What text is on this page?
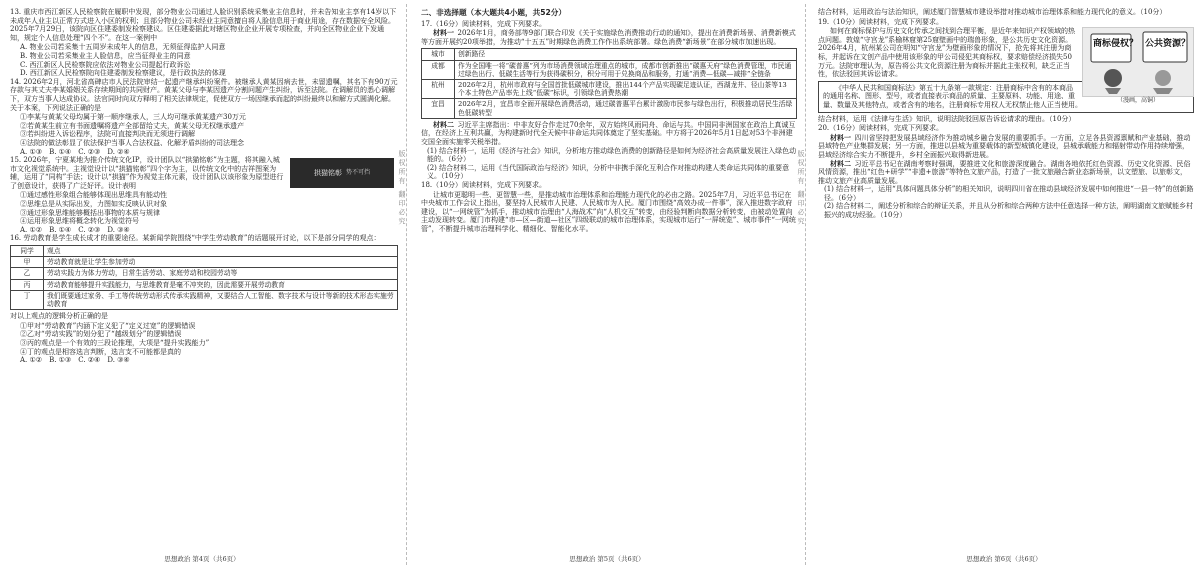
13. 重庆市西江新区人民检察院在履职中发现，部分物业公司通过人脸识别系统采集业主信息时，并未告知业主享有14岁以下未成年人业主以正常方式进入小区的权利；且部分物业公司未经业主同意擅自将人脸信息用于商业用途，存在数据安全风险。2025年7月29日，该院向区住建委制发检察建议。区住建委据此对辖区物业企业开展专项检查，并向全区物业企业下发通知，规定个人信息处理“四个不”。在这一案例中

A. 物业公司若采集十五周岁未成年人的信息，无须征得监护人同意

B. 物业公司若采集业主人脸信息，应当征得业主的同意

C. 西江新区人民检察院应依法对物业公司提起行政诉讼

D. 西江新区人民检察院向住建委制发检察建议，是行政执法的体现

14. 2026年2月，河北省高碑店市人民法院审结一起遗产继承纠纷案件。被继承人黄某因病去世，未留遗嘱，其名下有90万元存款与其丈夫李某婚姻关系存续期间的共同财产。黄某父母与李某因遗产分割问题产生纠纷，诉至法院。在调解员的悉心调解下，双方当事人达成协议。法官同时向双方释明了相关法律规定，促使双方一场因继承而起的纠纷最终以和解方式圆满化解。关于本案，下列说法正确的是

①李某与黄某父母均属于第一顺序继承人，三人均可继承黄某遗产30万元

②若黄某生前立有书面遗嘱将遗产全部留给丈夫，黄某父母无权继承遗产

③若纠纷进入诉讼程序，法院可直接判决而无须进行调解

④法院的做法彰显了依法保护当事人合法权益、化解矛盾纠纷的司法理念

A. ①③  B. ①④  C. ②③  D. ②④

拱猫铭彰 势不可挡

15. 2026年，宁夏某地为推介传统文化IP，设计团队以“拱猫铭彰”为主题，将其融入城市文化视觉系统中。主视觉设计以“拱猫铭彰”四个字为主，以传统文化中的吉祥图案为辅，运用了“同构”手法；设计以“拱猫”作为视觉主体元素，设计团队以该形象为原型进行了创意设计，获得了广泛好评。设计表明

①通过感性形象组合能够体现出思维具有能动性

②思维总是从实际出发，力图如实反映认识对象

③通过形象思维能够概括出事物的本质与规律

④运用形象思维将概念转化为视觉符号

A. ①②  B. ①④  C. ②③  D. ③④

16. 劳动教育是学生成长成才的重要途径。某新闻学院围绕“中学生劳动教育”的话题展开讨论，以下是部分同学的观点：

同学	观点
甲	劳动教育就是让学生参加劳动
乙	劳动实践力为体力劳动，日常生活劳动、家庭劳动和校园劳动等
丙	劳动教育能够提升实践能力，与思维教育是毫不冲突的，因此需要开展劳动教育
丁	我们既要通过家务、手工等传统劳动形式传承实践精神，又要结合人工智能、数字技术与设计等新的技术形态实施劳动教育

对以上观点的逻辑分析正确的是

①甲对“劳动教育”内涵下定义犯了“定义过宽”的逻辑错误

②乙对“劳动实践”的划分犯了“越级划分”的逻辑错误

③丙的观点是一个有效的三段论推理，大项是“提升实践能力”

④丁的观点是相容选言判断，选言支不可能都是真的

A. ①②  B. ①③  C. ②④  D. ③④

思想政治 第4页（共6页）
版权所有 翻印必究
二、非选择题（本大题共4小题，共52分）

17.（16分）阅读材料，完成下列要求。

材料一  2026年1月，商务部等9部门联合印发《关于实施绿色消费推动行动的通知》，提出在消费新场景、消费新模式等方面开展约20项举措，为推动“十五五”时期绿色消费工作作出系统部署。绿色消费“新场景”在部分城市加速出现。

城市	创新路径
成都	作为全国唯一将“碳普惠”列为市场消费领域治理重点的城市，成都市创新推出“碳惠天府”绿色消费管理，市民通过绿色出行、低碳生活等行为获得碳积分，积分可用于兑换商品和服务，打通“消费—低碳—减排”全链条
杭州	2026年2月，杭州市政府与全国首批低碳城市建设，推出144个产品实现碳足迹认证，西湖龙井、径山茶等13个本土特色产品率先上线“低碳”标识，引领绿色消费热潮
宜昌	2026年2月，宜昌市全面开展绿色消费活动，通过碳普惠平台累计激励市民参与绿色出行，积极推动居民生活绿色低碳转型

材料二  习近平主席指出：中非友好合作走过70余年，双方始终风雨同舟、命运与共。中国同非洲国家在政治上真诚互信，在经济上互利共赢，为构建新时代全天候中非命运共同体奠定了坚实基础。中方将于2026年5月1日起对53个非洲建交国全面实施零关税举措。

(1) 结合材料一，运用《经济与社会》知识，分析地方推动绿色消费的创新路径是如何为经济社会高质量发展注入绿色动能的。（6分）

(2) 结合材料二，运用《当代国际政治与经济》知识，分析中非携手深化互利合作对推动构建人类命运共同体的重要意义。（10分）

18.（10分）阅读材料，完成下列要求。

让城市更聪明一些、更智慧一些，是推动城市治理体系和治理能力现代化的必由之路。2025年7月，习近平总书记在中央城市工作会议上指出，要坚持人民城市人民建、人民城市为人民。厦门市围绕“高效办成一件事”，深入推进数字政府建设，以“一网统管”为抓手，推动城市治理由“人海战术”向“人机交互”转变，由经验判断向数据分析转变，由被动处置向主动发现转变。厦门市构建“市—区—街道—社区”四级联动的城市治理体系，实现城市运行“一屏统览”、城市事件“一网统管”，不断提升城市治理科学化、精细化、智能化水平。

思想政治 第5页（共6页）
版权所有 翻印必究

结合材料，运用政治与法治知识，阐述厦门智慧城市建设举措对推动城市治理体系和能力现代化的意义。（10分）

19.（10分）阅读材料，完成下列要求。

商标侵权？ 公共资源？
（漫画，高铜）

如何在商标保护与历史文化传承之间找到合理平衡，是近年来知识产权领域的热点问题。敦煌“守宫龙”系榆林窟第25窟壁画中的瑞兽形象，是公共历史文化资源。2026年4月，杭州某公司在明知“守宫龙”为壁画形象的情况下，抢先将其注册为商标，并起诉在文创产品中使用该形象的甲公司侵犯其商标权，要求赔偿经济损失50万元。法院审理认为，原告将公共文化资源注册为商标并据此主张权利，缺乏正当性，依法驳回其诉讼请求。

《中华人民共和国商标法》第五十九条第一款规定：注册商标中含有的本商品的通用名称、图形、型号，或者直接表示商品的质量、主要原料、功能、用途、重量、数量及其他特点，或者含有的地名，注册商标专用权人无权禁止他人正当使用。

结合材料，运用《法律与生活》知识，说明法院驳回原告诉讼请求的理由。（10分）

20.（16分）阅读材料，完成下列要求。

材料一  四川省坚持把发展县域经济作为推动城乡融合发展的重要抓手。一方面，立足各县资源禀赋和产业基础，推动县域特色产业集群发展；另一方面，推进以县城为重要载体的新型城镇化建设，县城承载能力和辐射带动作用持续增强，县域经济综合实力不断提升，乡村全面振兴取得新进展。

材料二  习近平总书记在湖南考察时强调，要推进文化和旅游深度融合。湖南各地依托红色资源、历史文化资源、民俗风情资源，推出“红色+研学”“非遗+旅游”等特色文旅产品，打造了一批文旅融合新业态新场景，以文塑旅、以旅彰文，推动文旅产业高质量发展。

(1) 结合材料一，运用“具体问题具体分析”的相关知识，说明四川省在推动县域经济发展中如何推进“一县一特”的创新路径。（6分）

(2) 结合材料二，阐述分析和综合的辩证关系，并且从分析和综合两种方法中任意选择一种方法，阐明湖南文旅赋能乡村振兴的成功经验。（10分）

思想政治 第6页（共6页）
